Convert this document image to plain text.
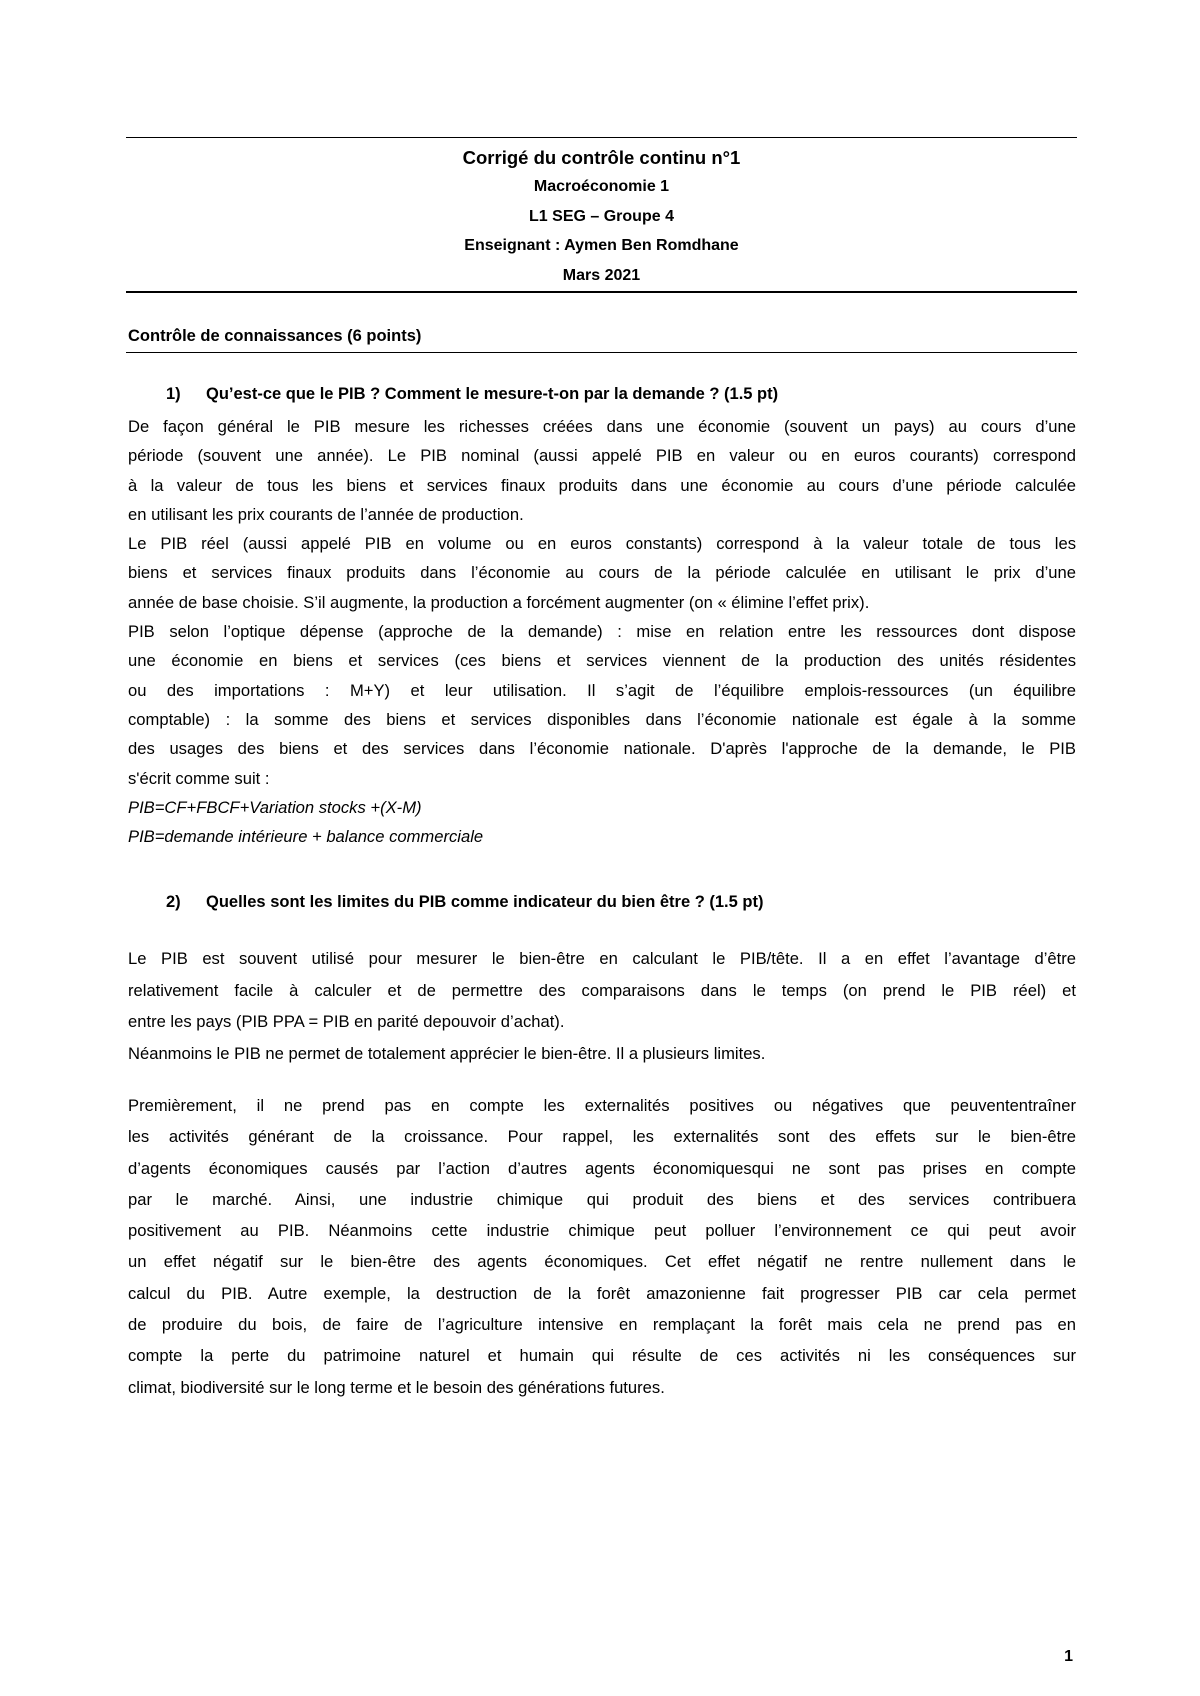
Corrigé du contrôle continu n°1
Macroéconomie 1
L1 SEG – Groupe 4
Enseignant : Aymen Ben Romdhane
Mars 2021
Contrôle de connaissances (6 points)
1) Qu’est-ce que le PIB ? Comment le mesure-t-on par la demande ? (1.5 pt)
De façon général le PIB mesure les richesses créées dans une économie (souvent un pays) au cours d’une
période (souvent une année). Le PIB nominal (aussi appelé PIB en valeur ou en euros courants) correspond
à la valeur de tous les biens et services finaux produits dans une économie au cours d’une période calculée
en utilisant les prix courants de l’année de production.
Le PIB réel (aussi appelé PIB en volume ou en euros constants) correspond à la valeur totale de tous les
biens et services finaux produits dans l’économie au cours de la période calculée en utilisant le prix d’une
année de base choisie. S’il augmente, la production a forcément augmenter (on « élimine l’effet prix).
PIB selon l’optique dépense (approche de la demande) : mise en relation entre les ressources dont dispose
une économie en biens et services (ces biens et services viennent de la production des unités résidentes
ou des importations : M+Y) et leur utilisation. Il s’agit de l’équilibre emplois-ressources (un équilibre
comptable) : la somme des biens et services disponibles dans l’économie nationale est égale à la somme
des usages des biens et des services dans l’économie nationale. D'après l'approche de la demande, le PIB
s'écrit comme suit :
PIB=CF+FBCF+Variation stocks +(X-M)
PIB=demande intérieure + balance commerciale
2) Quelles sont les limites du PIB comme indicateur du bien être ? (1.5 pt)
Le PIB est souvent utilisé pour mesurer le bien-être en calculant le PIB/tête. Il a en effet l’avantage d’être
relativement facile à calculer et de permettre des comparaisons dans le temps (on prend le PIB réel) et
entre les pays (PIB PPA = PIB en parité depouvoir d’achat).
Néanmoins le PIB ne permet de totalement apprécier le bien-être. Il a plusieurs limites.
Premièrement, il ne prend pas en compte les externalités positives ou négatives que peuvententraîner
les activités générant de la croissance. Pour rappel, les externalités sont des effets sur le bien-être
d’agents économiques causés par l’action d’autres agents économiquesqui ne sont pas prises en compte
par le marché. Ainsi, une industrie chimique qui produit des biens et des services contribuera
positivement au PIB. Néanmoins cette industrie chimique peut polluer l’environnement ce qui peut avoir
un effet négatif sur le bien-être des agents économiques. Cet effet négatif ne rentre nullement dans le
calcul du PIB. Autre exemple, la destruction de la forêt amazonienne fait progresser PIB car cela permet
de produire du bois, de faire de l’agriculture intensive en remplaçant la forêt mais cela ne prend pas en
compte la perte du patrimoine naturel et humain qui résulte de ces activités ni les conséquences sur
climat, biodiversité sur le long terme et le besoin des générations futures.
1
